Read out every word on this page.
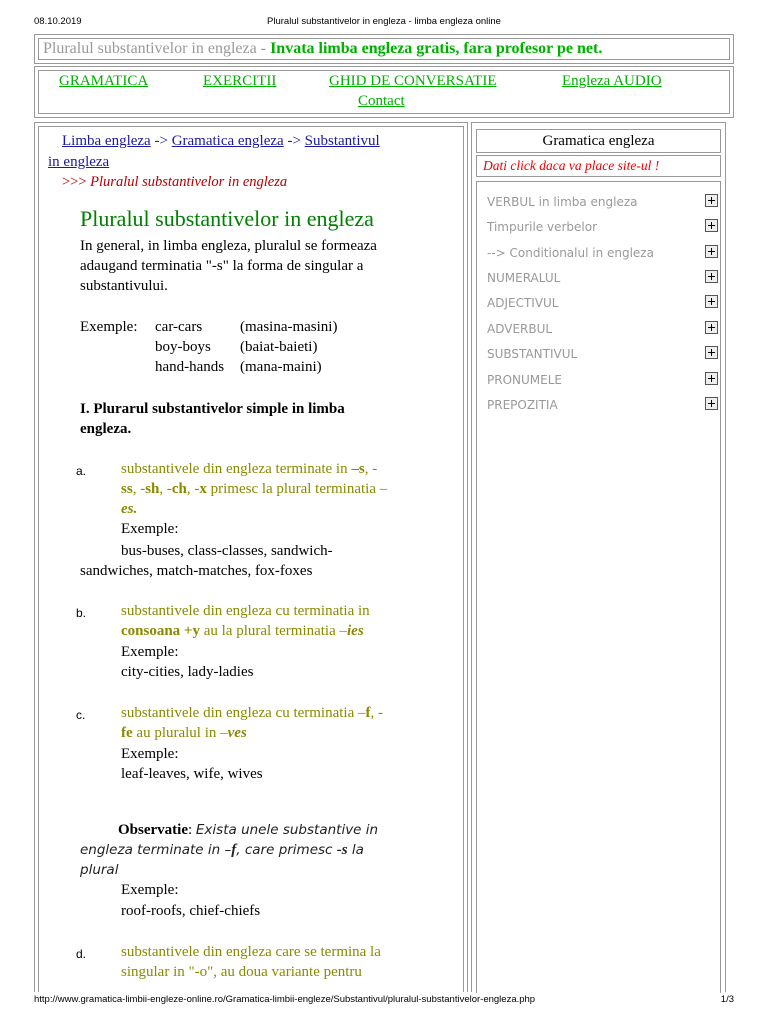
08.10.2019	Pluralul substantivelor in engleza - limba engleza online
Pluralul substantivelor in engleza - Invata limba engleza gratis, fara profesor pe net.
GRAMATICA	EXERCITII	GHID DE CONVERSATIE	Engleza AUDIO
Contact
Limba engleza -> Gramatica engleza -> Substantivul
in engleza
>>> Pluralul substantivelor in engleza
Pluralul substantivelor in engleza
In general, in limba engleza, pluralul se formeaza
adaugand terminatia "-s" la forma de singular a
substantivului.
Exemple: car-cars	(masina-masini)
boy-boys (baiat-baieti)
hand-hands (mana-maini)
I. Plurarul substantivelor simple in limba
engleza.
a. substantivele din engleza terminate in –s, -
ss, -sh, -ch, -x primesc la plural terminatia –
es.
Exemple:
bus-buses, class-classes, sandwich-
sandwiches, match-matches, fox-foxes
b. substantivele din engleza cu terminatia in
consoana +y au la plural terminatia –ies
Exemple:
city-cities, lady-ladies
c. substantivele din engleza cu terminatia –f, -
fe au pluralul in –ves
Exemple:
leaf-leaves, wife, wives
Observatie: Exista unele substantive in
engleza terminate in –f, care primesc -s la
plural
Exemple:
roof-roofs, chief-chiefs
d. substantivele din engleza care se termina la
singular in "-o", au doua variante pentru
Gramatica engleza
Dati click daca va place site-ul !
VERBUL in limba engleza
Timpurile verbelor
--> Conditionalul in engleza
NUMERALUL
ADJECTIVUL
ADVERBUL
SUBSTANTIVUL
PRONUMELE
PREPOZITIA
http://www.gramatica-limbii-engleze-online.ro/Gramatica-limbii-engleze/Substantivul/pluralul-substantivelor-engleza.php	1/3
